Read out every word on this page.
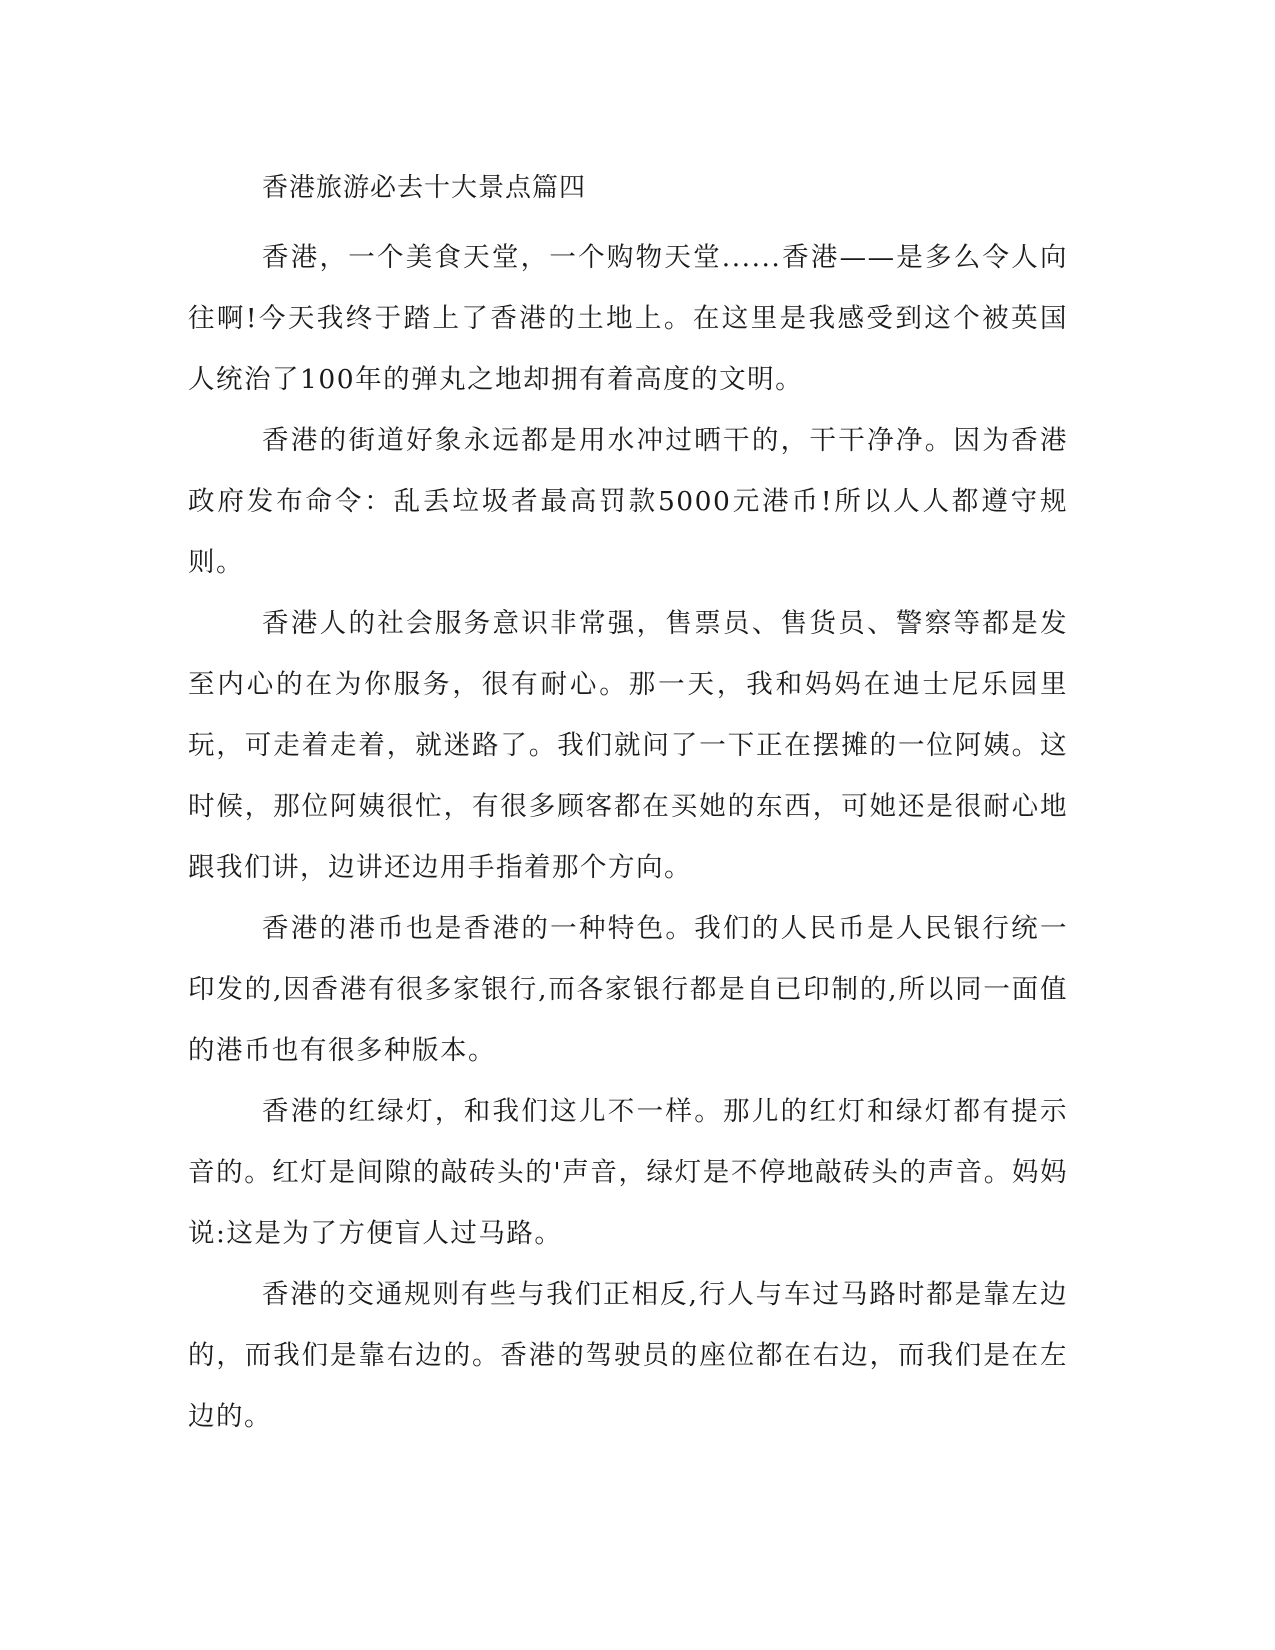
香港旅游必去十大景点篇四

香港，一个美食天堂，一个购物天堂......香港——是多么令人向往啊!今天我终于踏上了香港的土地上。在这里是我感受到这个被英国人统治了100年的弹丸之地却拥有着高度的文明。

香港的街道好象永远都是用水冲过晒干的，干干净净。因为香港政府发布命令：乱丢垃圾者最高罚款5000元港币!所以人人都遵守规则。

香港人的社会服务意识非常强，售票员、售货员、警察等都是发至内心的在为你服务，很有耐心。那一天，我和妈妈在迪士尼乐园里玩，可走着走着，就迷路了。我们就问了一下正在摆摊的一位阿姨。这时候，那位阿姨很忙，有很多顾客都在买她的东西，可她还是很耐心地跟我们讲，边讲还边用手指着那个方向。

香港的港币也是香港的一种特色。我们的人民币是人民银行统一印发的,因香港有很多家银行,而各家银行都是自已印制的,所以同一面值的港币也有很多种版本。

香港的红绿灯，和我们这儿不一样。那儿的红灯和绿灯都有提示音的。红灯是间隙的敲砖头的'声音，绿灯是不停地敲砖头的声音。妈妈说:这是为了方便盲人过马路。

香港的交通规则有些与我们正相反,行人与车过马路时都是靠左边的，而我们是靠右边的。香港的驾驶员的座位都在右边，而我们是在左边的。
